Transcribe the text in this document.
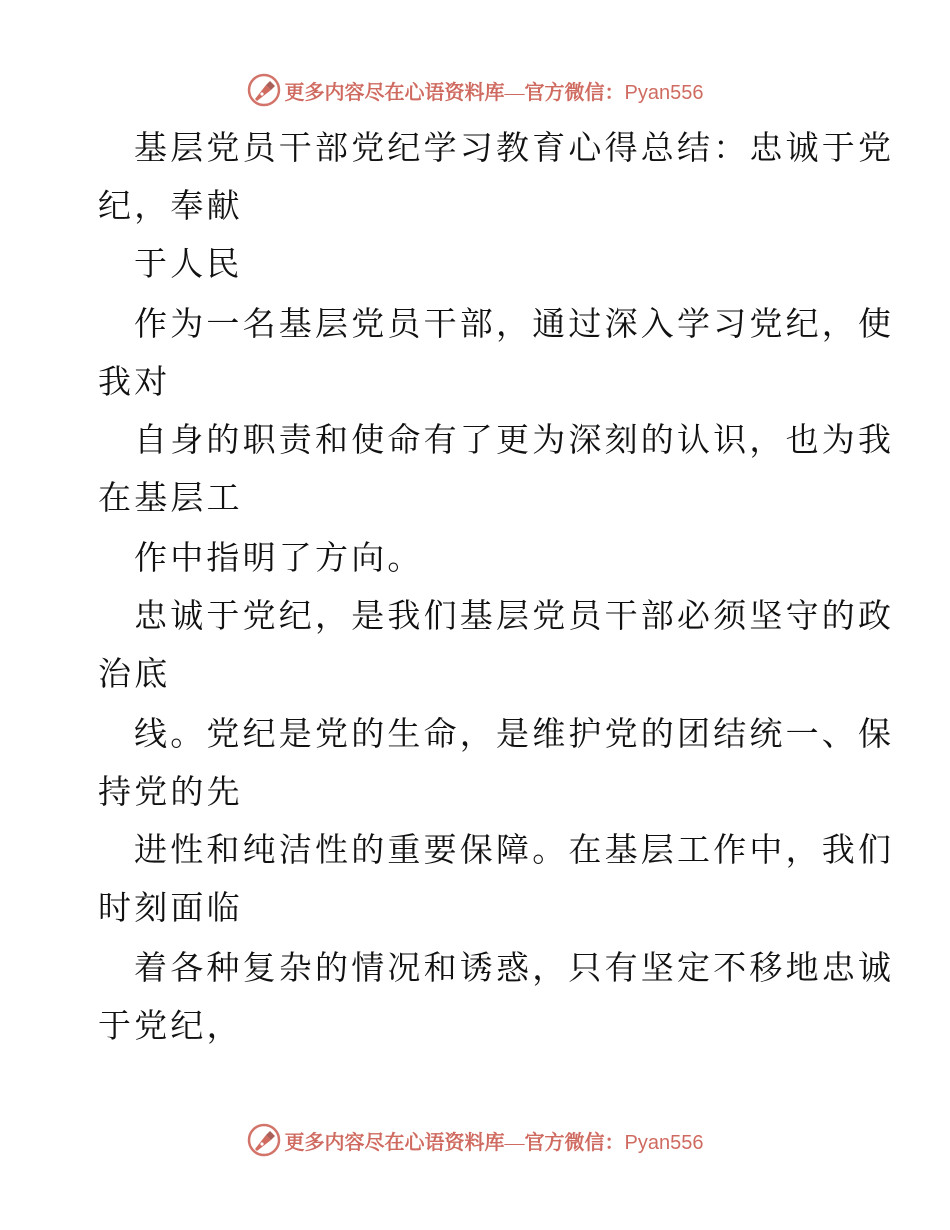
更多内容尽在心语资料库—官方微信：Pyan556
基层党员干部党纪学习教育心得总结：忠诚于党
纪，奉献
于人民
作为一名基层党员干部，通过深入学习党纪，使
我对
自身的职责和使命有了更为深刻的认识，也为我
在基层工
作中指明了方向。
忠诚于党纪，是我们基层党员干部必须坚守的政
治底
线。党纪是党的生命，是维护党的团结统一、保
持党的先
进性和纯洁性的重要保障。在基层工作中，我们
时刻面临
着各种复杂的情况和诱惑，只有坚定不移地忠诚
于党纪，
更多内容尽在心语资料库—官方微信：Pyan556
